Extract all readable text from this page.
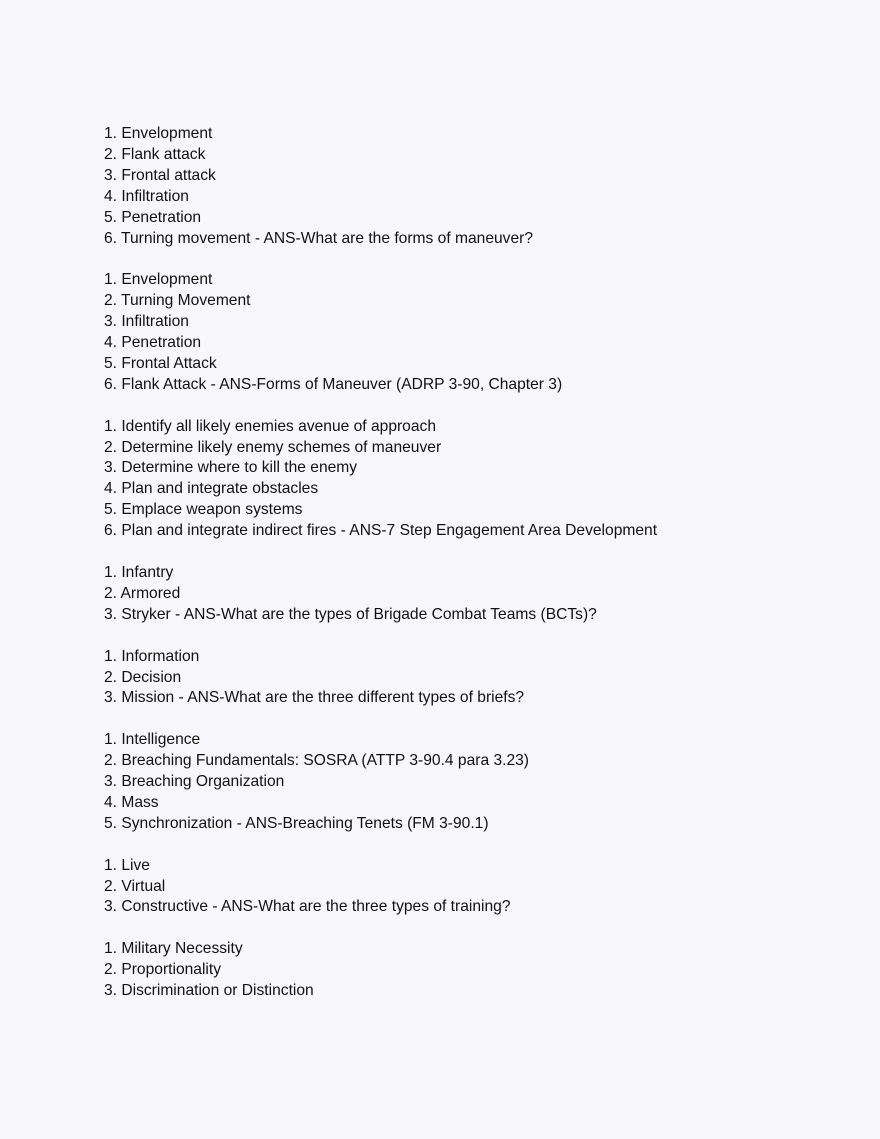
1. Envelopment
2. Flank attack
3. Frontal attack
4. Infiltration
5. Penetration
6. Turning movement - ANS-What are the forms of maneuver?
1. Envelopment
2. Turning Movement
3. Infiltration
4. Penetration
5. Frontal Attack
6. Flank Attack - ANS-Forms of Maneuver (ADRP 3-90, Chapter 3)
1. Identify all likely enemies avenue of approach
2. Determine likely enemy schemes of maneuver
3. Determine where to kill the enemy
4. Plan and integrate obstacles
5. Emplace weapon systems
6. Plan and integrate indirect fires - ANS-7 Step Engagement Area Development
1. Infantry
2. Armored
3. Stryker - ANS-What are the types of Brigade Combat Teams (BCTs)?
1. Information
2. Decision
3. Mission - ANS-What are the three different types of briefs?
1. Intelligence
2. Breaching Fundamentals: SOSRA (ATTP 3-90.4 para 3.23)
3. Breaching Organization
4. Mass
5. Synchronization - ANS-Breaching Tenets (FM 3-90.1)
1. Live
2. Virtual
3. Constructive - ANS-What are the three types of training?
1. Military Necessity
2. Proportionality
3. Discrimination or Distinction
